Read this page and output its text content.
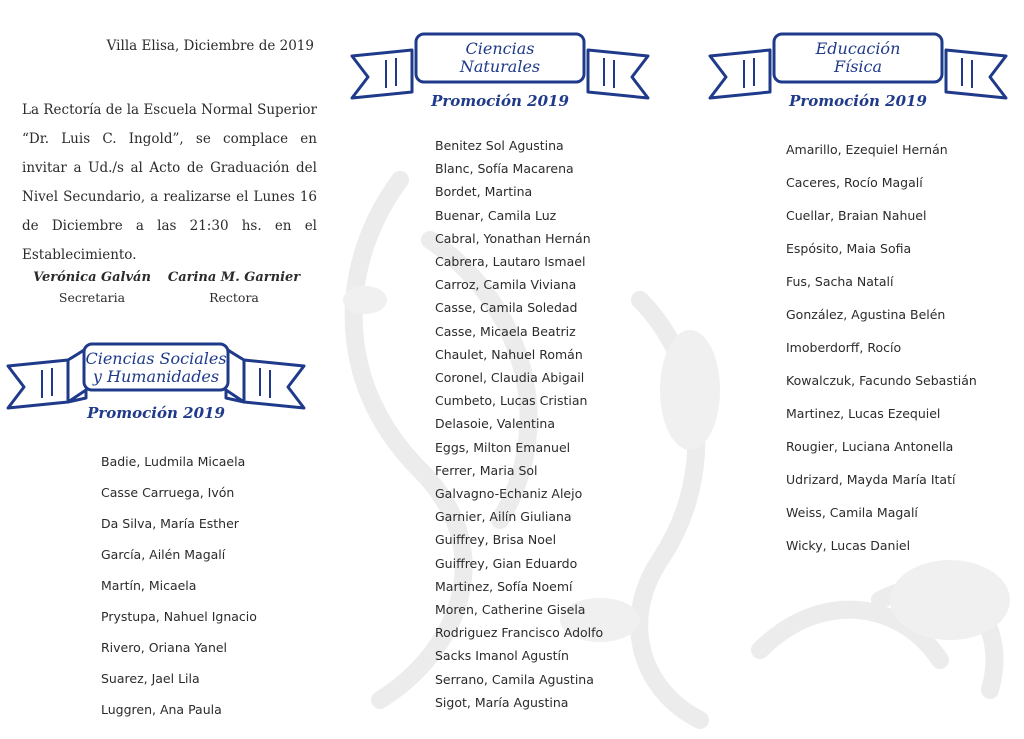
Villa Elisa, Diciembre de 2019

La Rectoría de la Escuela Normal Superior “Dr. Luis C. Ingold”, se complace en invitar a Ud./s al Acto de Graduación del Nivel Secundario, a realizarse el Lunes 16 de Diciembre a las 21:30 hs. en el Establecimiento.

Verónica Galván
Secretaria
Carina M. Garnier
Rectora
Ciencias Sociales
y Humanidades
Promoción 2019
Badie, Ludmila Micaela
Casse Carruega, Ivón
Da Silva, María Esther
García, Ailén Magalí
Martín, Micaela
Prystupa, Nahuel Ignacio
Rivero, Oriana Yanel
Suarez, Jael Lila
Luggren, Ana Paula
Ciencias
Naturales
Promoción 2019
Benitez Sol Agustina
Blanc, Sofía Macarena
Bordet, Martina
Buenar, Camila Luz
Cabral, Yonathan Hernán
Cabrera, Lautaro Ismael
Carroz, Camila Viviana
Casse, Camila Soledad
Casse, Micaela Beatriz
Chaulet, Nahuel Román
Coronel, Claudia Abigail
Cumbeto, Lucas Cristian
Delasoie, Valentina
Eggs, Milton Emanuel
Ferrer, Maria Sol
Galvagno-Echaniz Alejo
Garnier, Ailín Giuliana
Guiffrey, Brisa Noel
Guiffrey, Gian Eduardo
Martinez, Sofía Noemí
Moren, Catherine Gisela
Rodriguez Francisco Adolfo
Sacks Imanol Agustín
Serrano, Camila Agustina
Sigot, María Agustina
Educación
Física
Promoción 2019
Amarillo, Ezequiel Hernán
Caceres, Rocío Magalí
Cuellar, Braian Nahuel
Espósito, Maia Sofia
Fus, Sacha Natalí
González, Agustina Belén
Imoberdorff, Rocío
Kowalczuk, Facundo Sebastián
Martinez, Lucas Ezequiel
Rougier, Luciana Antonella
Udrizard, Mayda María Itatí
Weiss, Camila Magalí
Wicky, Lucas Daniel
